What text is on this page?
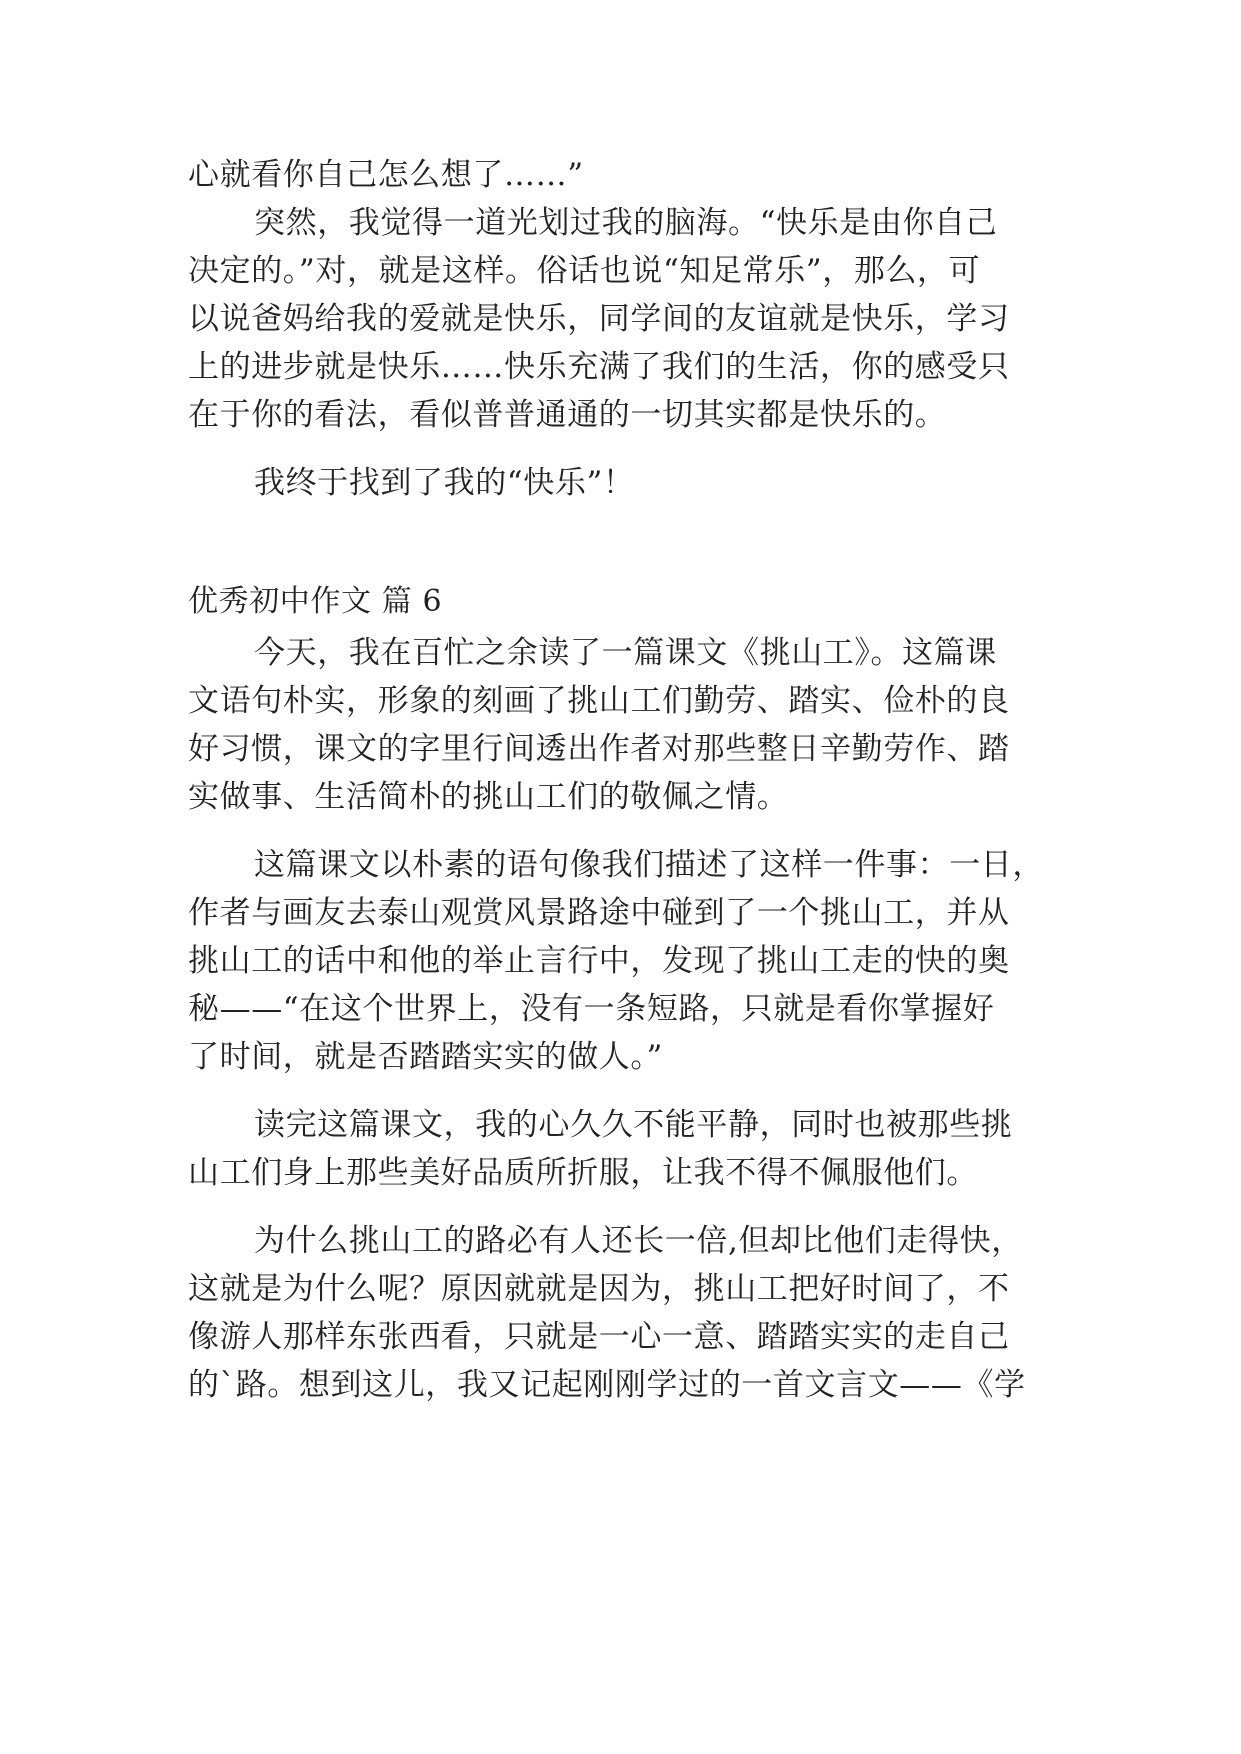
心就看你自己怎么想了……”
突然，我觉得一道光划过我的脑海。“快乐是由你自己
决定的。”对，就是这样。俗话也说“知足常乐”，那么，可
以说爸妈给我的爱就是快乐，同学间的友谊就是快乐，学习
上的进步就是快乐……快乐充满了我们的生活，你的感受只
在于你的看法，看似普普通通的一切其实都是快乐的。
我终于找到了我的“快乐”！
优秀初中作文 篇 6
今天，我在百忙之余读了一篇课文《挑山工》。这篇课
文语句朴实，形象的刻画了挑山工们勤劳、踏实、俭朴的良
好习惯，课文的字里行间透出作者对那些整日辛勤劳作、踏
实做事、生活简朴的挑山工们的敬佩之情。
这篇课文以朴素的语句像我们描述了这样一件事：一日，
作者与画友去泰山观赏风景路途中碰到了一个挑山工，并从
挑山工的话中和他的举止言行中，发现了挑山工走的快的奥
秘——“在这个世界上，没有一条短路，只就是看你掌握好
了时间，就是否踏踏实实的做人。”
读完这篇课文，我的心久久不能平静，同时也被那些挑
山工们身上那些美好品质所折服，让我不得不佩服他们。
为什么挑山工的路必有人还长一倍,但却比他们走得快，
这就是为什么呢？原因就就是因为，挑山工把好时间了，不
像游人那样东张西看，只就是一心一意、踏踏实实的走自己
的`路。想到这儿，我又记起刚刚学过的一首文言文——《学
